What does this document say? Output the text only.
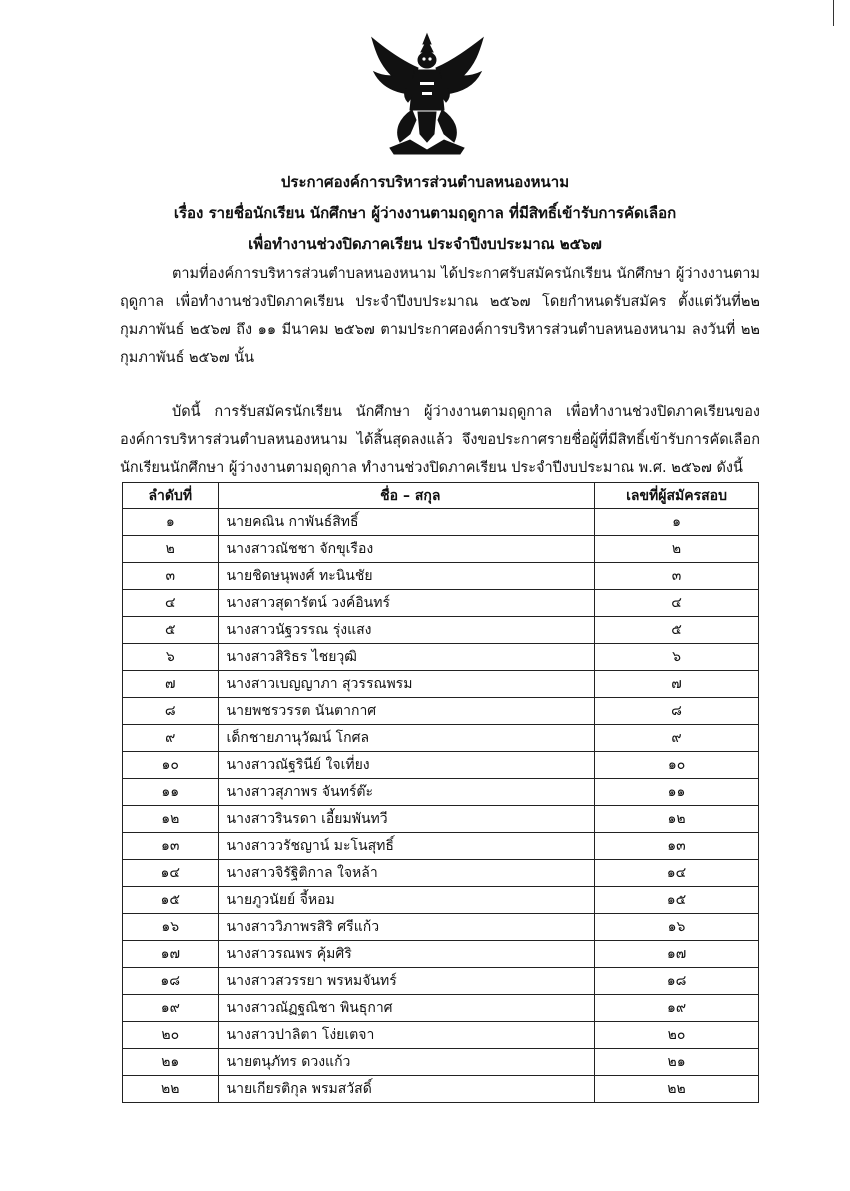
ประกาศองค์การบริหารส่วนตำบลหนองหนาม
เรื่อง รายชื่อนักเรียน นักศึกษา ผู้ว่างงานตามฤดูกาล ที่มีสิทธิ์เข้ารับการคัดเลือก
เพื่อทำงานช่วงปิดภาคเรียน ประจำปีงบประมาณ ๒๕๖๗

ตามที่องค์การบริหารส่วนตำบลหนองหนาม ได้ประกาศรับสมัครนักเรียน นักศึกษา ผู้ว่างงานตามฤดูกาล เพื่อทำงานช่วงปิดภาคเรียน ประจำปีงบประมาณ ๒๕๖๗ โดยกำหนดรับสมัคร ตั้งแต่วันที่๒๒ กุมภาพันธ์ ๒๕๖๗ ถึง ๑๑ มีนาคม ๒๕๖๗ ตามประกาศองค์การบริหารส่วนตำบลหนองหนาม ลงวันที่ ๒๒ กุมภาพันธ์ ๒๕๖๗ นั้น

บัดนี้ การรับสมัครนักเรียน นักศึกษา ผู้ว่างงานตามฤดูกาล เพื่อทำงานช่วงปิดภาคเรียนขององค์การบริหารส่วนตำบลหนองหนาม ได้สิ้นสุดลงแล้ว จึงขอประกาศรายชื่อผู้ที่มีสิทธิ์เข้ารับการคัดเลือกนักเรียนนักศึกษา ผู้ว่างงานตามฤดูกาล ทำงานช่วงปิดภาคเรียน ประจำปีงบประมาณ พ.ศ. ๒๕๖๗ ดังนี้

ลำดับที่	ชื่อ – สกุล	เลขที่ผู้สมัครสอบ
๑	นายคณิน กาพันธ์สิทธิ์	๑
๒	นางสาวณัชชา จักขุเรือง	๒
๓	นายชิดษนุพงศ์ ทะนินชัย	๓
๔	นางสาวสุดารัตน์ วงค์อินทร์	๔
๕	นางสาวนัฐวรรณ รุ่งแสง	๕
๖	นางสาวสิริธร ไชยวุฒิ	๖
๗	นางสาวเบญญาภา สุวรรณพรม	๗
๘	นายพชรวรรต นันตากาศ	๘
๙	เด็กชายภานุวัฒน์ โกศล	๙
๑๐	นางสาวณัฐรินีย์ ใจเที่ยง	๑๐
๑๑	นางสาวสุภาพร จันทร์ต๊ะ	๑๑
๑๒	นางสาวรินรดา เอี้ยมพันทวี	๑๒
๑๓	นางสาววรัชญาน์ มะโนสุทธิ์	๑๓
๑๔	นางสาวจิรัฐิติกาล ใจหล้า	๑๔
๑๕	นายภูวนัยย์ จี้หอม	๑๕
๑๖	นางสาววิภาพรสิริ ศรีแก้ว	๑๖
๑๗	นางสาวรณพร คุ้มศิริ	๑๗
๑๘	นางสาวสวรรยา พรหมจันทร์	๑๘
๑๙	นางสาวณัฏฐณิชา พินธุกาศ	๑๙
๒๐	นางสาวปาลิตา โง่ยเตจา	๒๐
๒๑	นายตนุภัทร ดวงแก้ว	๒๑
๒๒	นายเกียรติกุล พรมสวัสดิ์	๒๒
